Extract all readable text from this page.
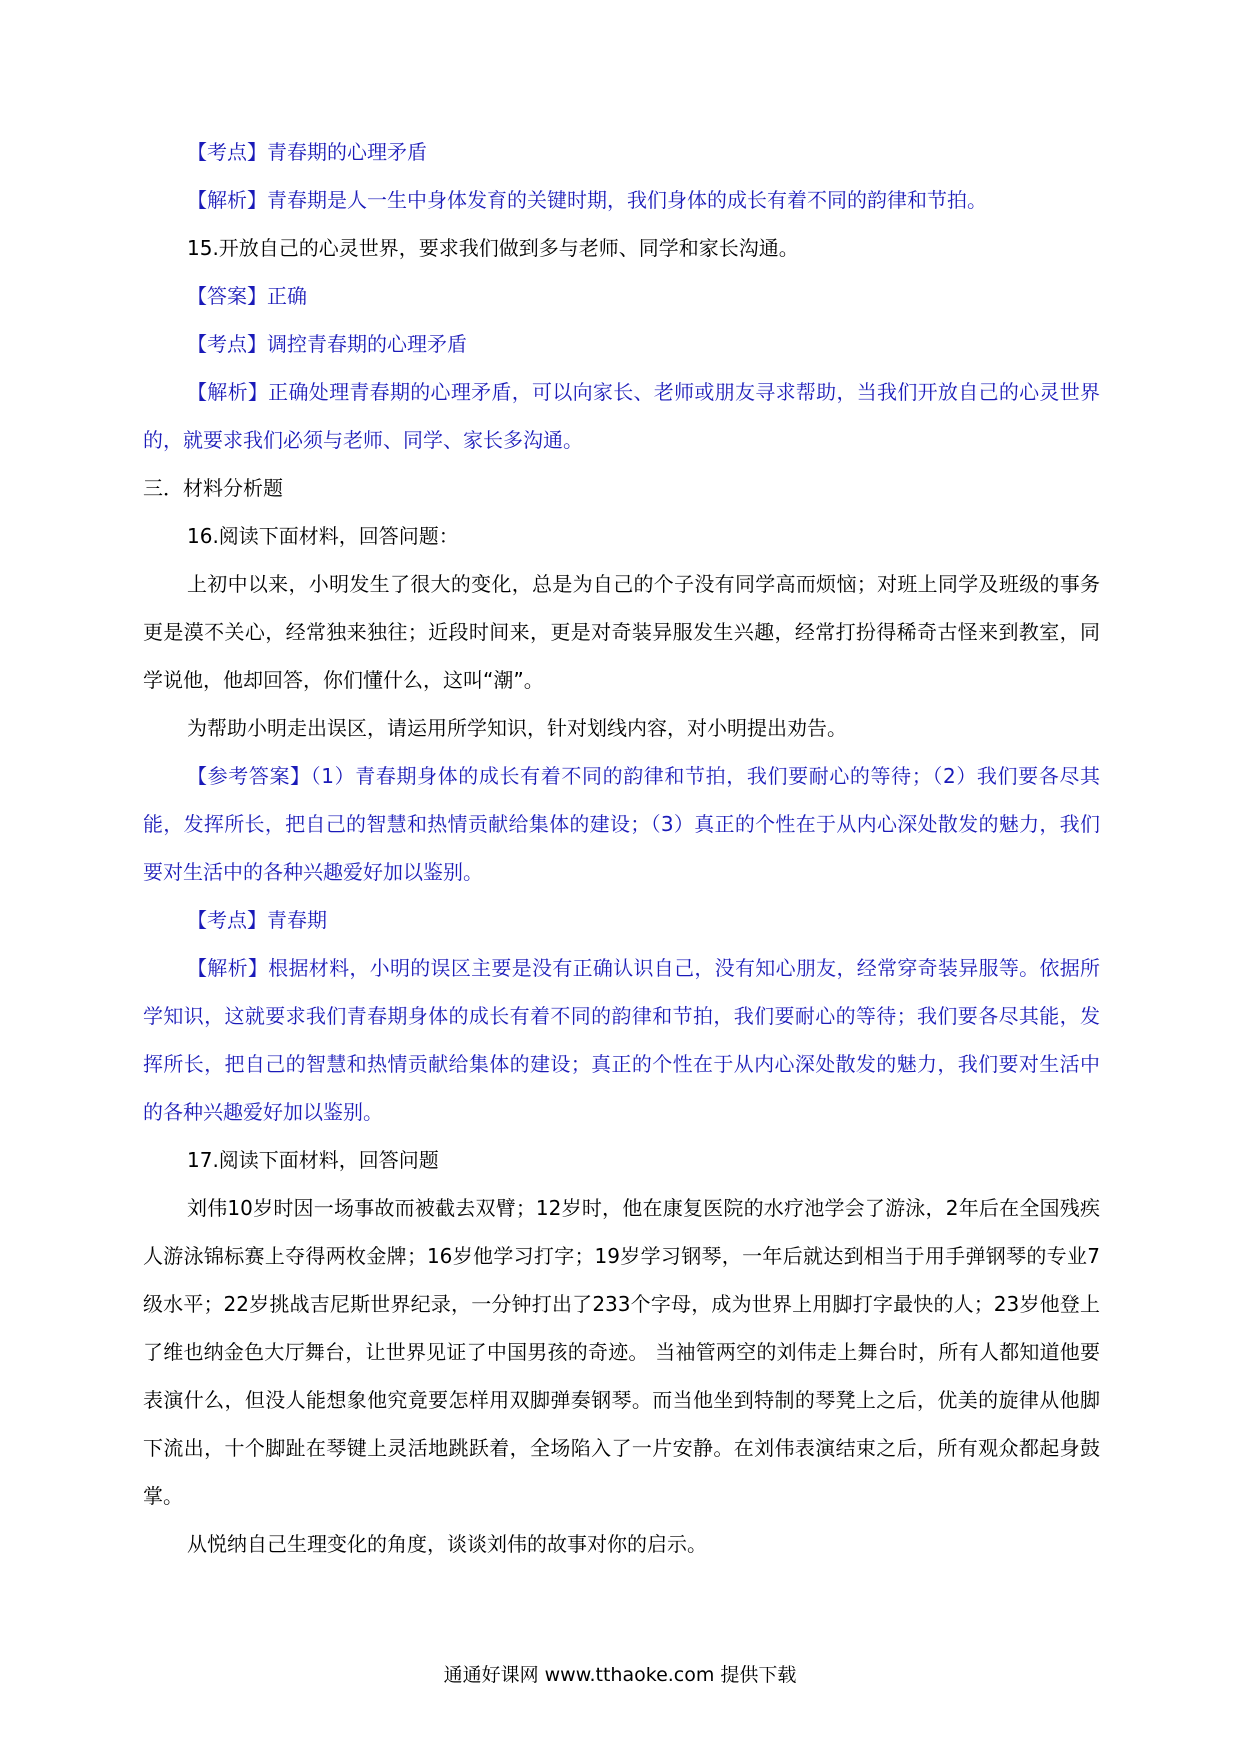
【考点】青春期的心理矛盾

【解析】青春期是人一生中身体发育的关键时期，我们身体的成长有着不同的韵律和节拍。

15.开放自己的心灵世界，要求我们做到多与老师、同学和家长沟通。

【答案】正确

【考点】调控青春期的心理矛盾

【解析】正确处理青春期的心理矛盾，可以向家长、老师或朋友寻求帮助，当我们开放自己的心灵世界的，就要求我们必须与老师、同学、家长多沟通。

三．材料分析题

16.阅读下面材料，回答问题：

上初中以来，小明发生了很大的变化，总是为自己的个子没有同学高而烦恼；对班上同学及班级的事务更是漠不关心，经常独来独往；近段时间来，更是对奇装异服发生兴趣，经常打扮得稀奇古怪来到教室，同学说他，他却回答，你们懂什么，这叫“潮”。

为帮助小明走出误区，请运用所学知识，针对划线内容，对小明提出劝告。

【参考答案】（1）青春期身体的成长有着不同的韵律和节拍，我们要耐心的等待；（2）我们要各尽其能，发挥所长，把自己的智慧和热情贡献给集体的建设；（3）真正的个性在于从内心深处散发的魅力，我们要对生活中的各种兴趣爱好加以鉴别。

【考点】青春期

【解析】根据材料，小明的误区主要是没有正确认识自己，没有知心朋友，经常穿奇装异服等。依据所学知识，这就要求我们青春期身体的成长有着不同的韵律和节拍，我们要耐心的等待；我们要各尽其能，发挥所长，把自己的智慧和热情贡献给集体的建设；真正的个性在于从内心深处散发的魅力，我们要对生活中的各种兴趣爱好加以鉴别。

17.阅读下面材料，回答问题

刘伟10岁时因一场事故而被截去双臂；12岁时，他在康复医院的水疗池学会了游泳，2年后在全国残疾人游泳锦标赛上夺得两枚金牌；16岁他学习打字；19岁学习钢琴，一年后就达到相当于用手弹钢琴的专业7级水平；22岁挑战吉尼斯世界纪录，一分钟打出了233个字母，成为世界上用脚打字最快的人；23岁他登上了维也纳金色大厅舞台，让世界见证了中国男孩的奇迹。 当袖管两空的刘伟走上舞台时，所有人都知道他要表演什么，但没人能想象他究竟要怎样用双脚弹奏钢琴。而当他坐到特制的琴凳上之后，优美的旋律从他脚下流出，十个脚趾在琴键上灵活地跳跃着，全场陷入了一片安静。在刘伟表演结束之后，所有观众都起身鼓掌。

从悦纳自己生理变化的角度，谈谈刘伟的故事对你的启示。

通通好课网 www.tthaoke.com 提供下载
